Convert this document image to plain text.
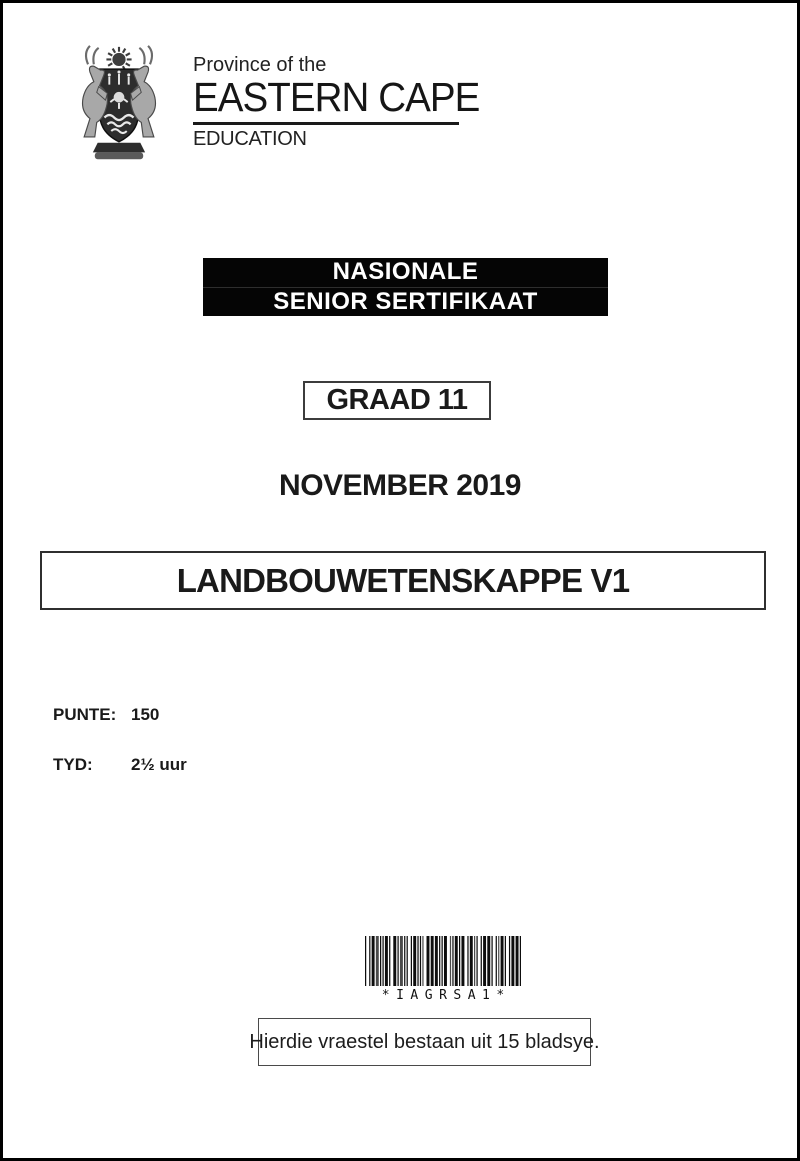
Province of the
EASTERN CAPE
EDUCATION
NASIONALE
SENIOR SERTIFIKAAT
GRAAD 11
NOVEMBER 2019
LANDBOUWETENSKAPPE V1
PUNTE: 150
TYD:	2½ uur
*IAGRSA1*
Hierdie vraestel bestaan uit 15 bladsye.
